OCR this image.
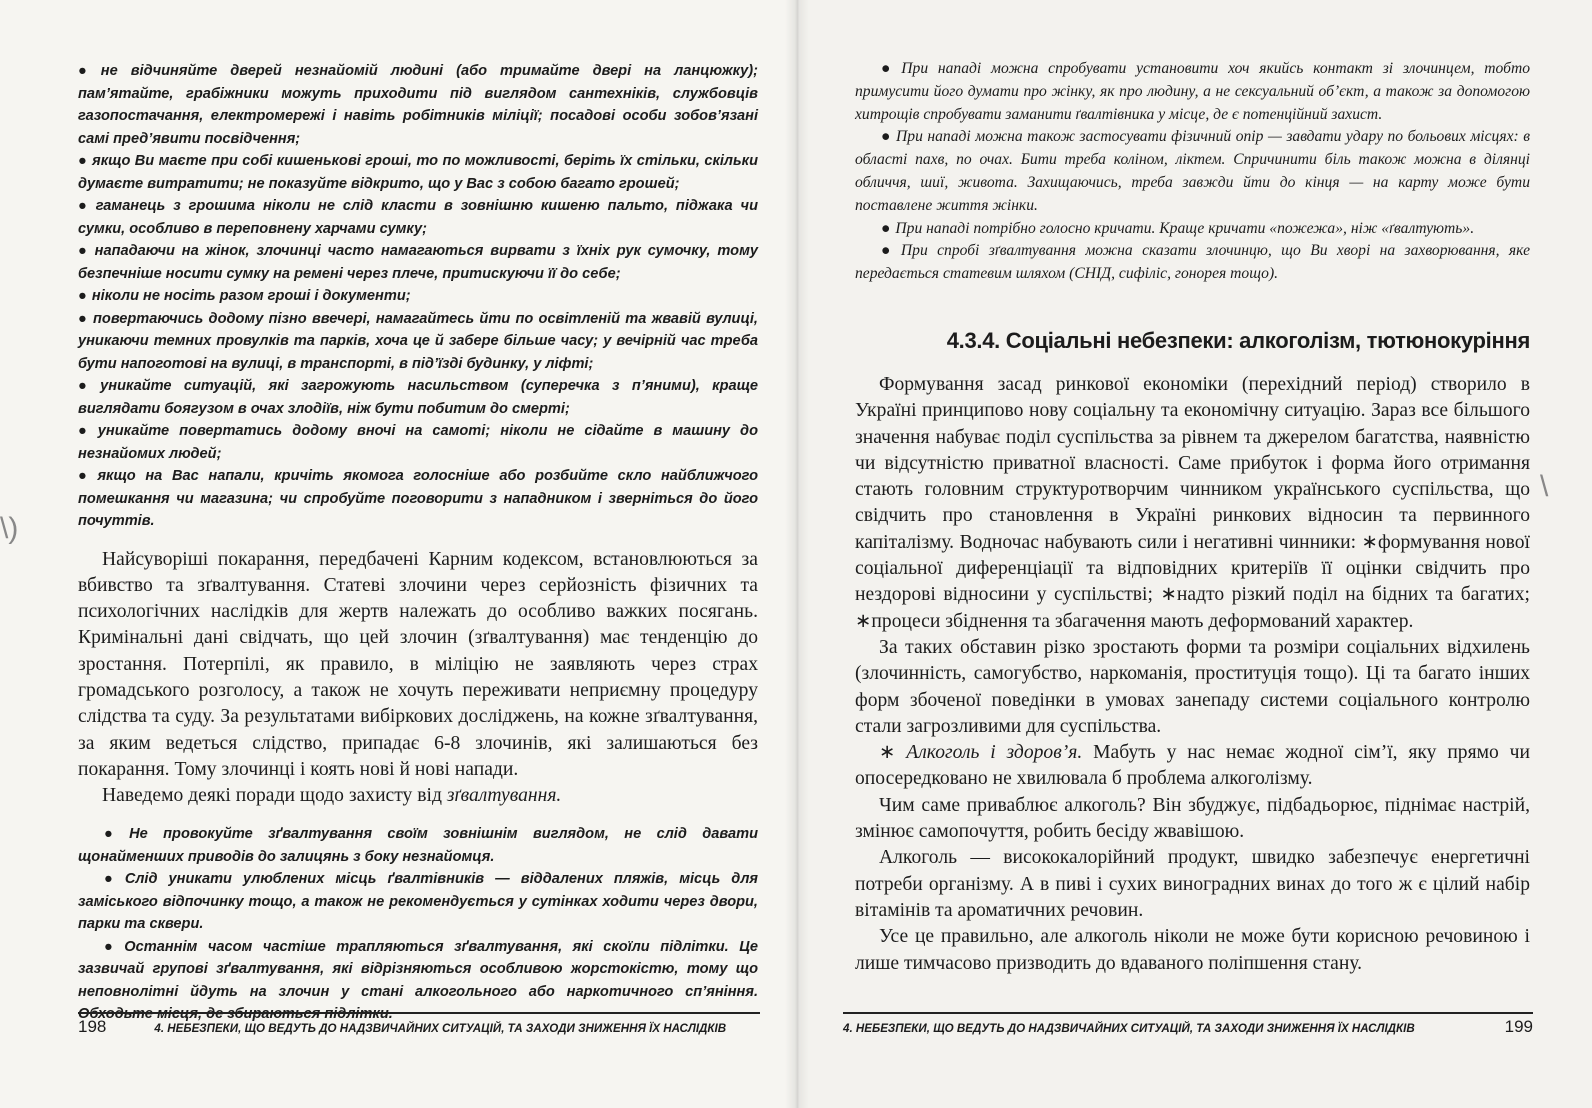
● не відчиняйте дверей незнайомій людині (або тримайте двері на ланцюжку); пам’ятайте, грабіжники можуть приходити під виглядом сантехніків, службовців газопостачання, електромережі і навіть робітників міліції; посадові особи зобов’язані самі пред’явити посвідчення;

● якщо Ви маєте при собі кишенькові гроші, то по можливості, беріть їх стільки, скільки думаєте витратити; не показуйте відкрито, що у Вас з собою багато грошей;

● гаманець з грошима ніколи не слід класти в зовнішню кишеню пальто, піджака чи сумки, особливо в переповнену харчами сумку;

● нападаючи на жінок, злочинці часто намагаються вирвати з їхніх рук сумочку, тому безпечніше носити сумку на ремені через плече, притискуючи її до себе;

● ніколи не носіть разом гроші і документи;

● повертаючись додому пізно ввечері, намагайтесь йти по освітленій та жвавій вулиці, уникаючи темних провулків та парків, хоча це й забере більше часу; у вечірній час треба бути напоготові на вулиці, в транспорті, в під’їзді будинку, у ліфті;

● уникайте ситуацій, які загрожують насильством (суперечка з п’яними), краще виглядати боягузом в очах злодіїв, ніж бути побитим до смерті;

● уникайте повертатись додому вночі на самоті; ніколи не сідайте в машину до незнайомих людей;

● якщо на Вас напали, кричіть якомога голосніше або розбийте скло найближчого помешкання чи магазина; чи спробуйте поговорити з нападником і зверніться до його почуттів.

Найсуворіші покарання, передбачені Карним кодексом, встановлюються за вбивство та зґвалтування. Статеві злочини через серйозність фізичних та психологічних наслідків для жертв належать до особливо важких посягань. Кримінальні дані свідчать, що цей злочин (зґвалтування) має тенденцію до зростання. Потерпілі, як правило, в міліцію не заявляють через страх громадського розголосу, а також не хочуть переживати неприємну процедуру слідства та суду. За результатами вибіркових досліджень, на кожне зґвалтування, за яким ведеться слідство, припадає 6-8 злочинів, які залишаються без покарання. Тому злочинці і коять нові й нові напади.

Наведемо деякі поради щодо захисту від зґвалтування.

● Не провокуйте зґвалтування своїм зовнішнім виглядом, не слід давати щонайменших приводів до залицянь з боку незнайомця.

● Слід уникати улюблених місць ґвалтівників — віддалених пляжів, місць для заміського відпочинку тощо, а також не рекомендується у сутінках ходити через двори, парки та сквери.

● Останнім часом частіше трапляються зґвалтування, які скоїли підлітки. Це зазвичай групові зґвалтування, які відрізняються особливою жорстокістю, тому що неповнолітні йдуть на злочин у стані алкогольного або наркотичного сп’яніння. Обходьте місця, де збираються підлітки.

\)
198	4. НЕБЕЗПЕКИ, ЩО ВЕДУТЬ ДО НАДЗВИЧАЙНИХ СИТУАЦІЙ, ТА ЗАХОДИ ЗНИЖЕННЯ ЇХ НАСЛІДКІВ

● При нападі можна спробувати установити хоч якийсь контакт зі злочинцем, тобто примусити його думати про жінку, як про людину, а не сексуальний об’єкт, а також за допомогою хитрощів спробувати заманити ґвалтівника у місце, де є потенційний захист.

● При нападі можна також застосувати фізичний опір — завдати удару по больових місцях: в області пахв, по очах. Бити треба коліном, ліктем. Спричинити біль також можна в ділянці обличчя, шиї, живота. Захищаючись, треба завжди йти до кінця — на карту може бути поставлене життя жінки.

● При нападі потрібно голосно кричати. Краще кричати «пожежа», ніж «ґвалтують».

● При спробі зґвалтування можна сказати злочинцю, що Ви хворі на захворювання, яке передається статевим шляхом (СНІД, сифіліс, гонорея тощо).

4.3.4. Соціальні небезпеки: алкоголізм, тютюнокуріння

Формування засад ринкової економіки (перехідний період) створило в Україні принципово нову соціальну та економічну ситуацію. Зараз все більшого значення набуває поділ суспільства за рівнем та джерелом багатства, наявністю чи відсутністю приватної власності. Саме прибуток і форма його отримання стають головним структуротворчим чинником українського суспільства, що свідчить про становлення в Україні ринкових відносин та первинного капіталізму. Водночас набувають сили і негативні чинники: ∗формування нової соціальної диференціації та відповідних критеріїв її оцінки свідчить про нездорові відносини у суспільстві; ∗надто різкий поділ на бідних та багатих; ∗процеси збіднення та збагачення мають деформований характер.

За таких обставин різко зростають форми та розміри соціальних відхилень (злочинність, самогубство, наркоманія, проституція тощо). Ці та багато інших форм збоченої поведінки в умовах занепаду системи соціального контролю стали загрозливими для суспільства.

∗ Алкоголь і здоров’я. Мабуть у нас немає жодної сім’ї, яку прямо чи опосередковано не хвилювала б проблема алкоголізму.

Чим саме приваблює алкоголь? Він збуджує, підбадьорює, піднімає настрій, змінює самопочуття, робить бесіду жвавішою.

Алкоголь — висококалорійний продукт, швидко забезпечує енергетичні потреби організму. А в пиві і сухих виноградних винах до того ж є цілий набір вітамінів та ароматичних речовин.

Усе це правильно, але алкоголь ніколи не може бути корисною речовиною і лише тимчасово призводить до вдаваного поліпшення стану.

\
4. НЕБЕЗПЕКИ, ЩО ВЕДУТЬ ДО НАДЗВИЧАЙНИХ СИТУАЦІЙ, ТА ЗАХОДИ ЗНИЖЕННЯ ЇХ НАСЛІДКІВ	199
